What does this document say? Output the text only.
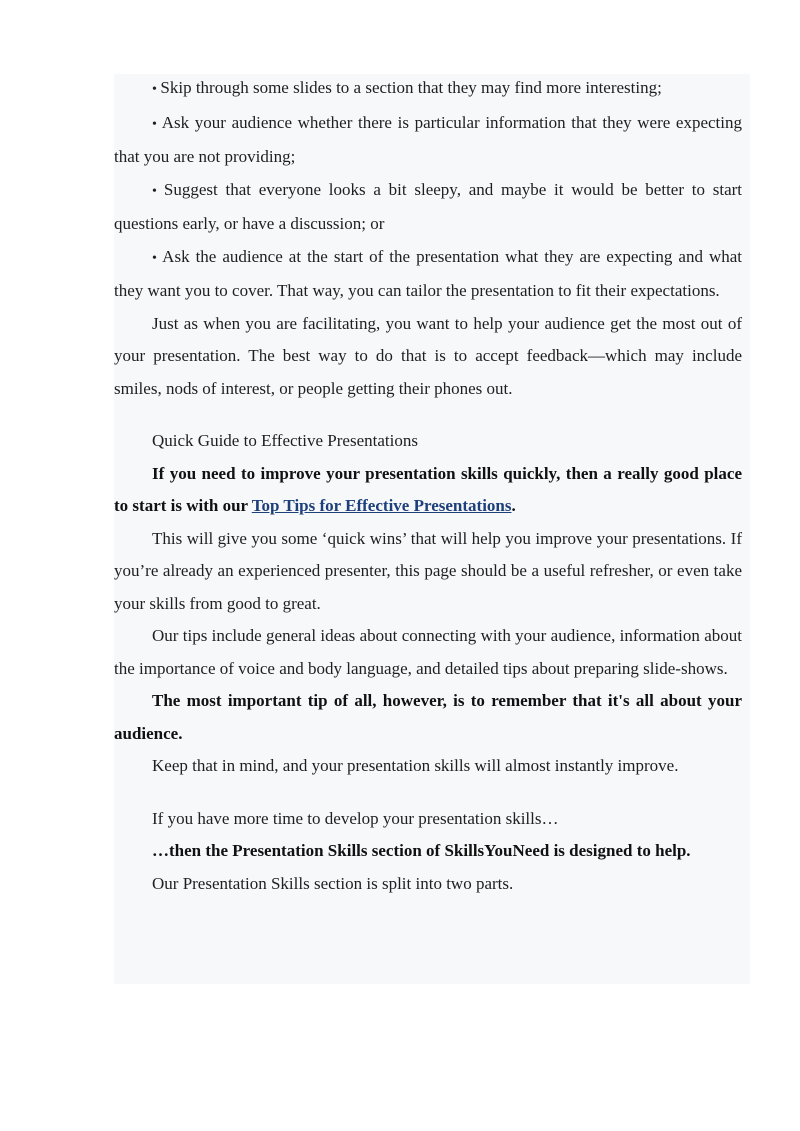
• Skip through some slides to a section that they may find more interesting;

• Ask your audience whether there is particular information that they were expecting that you are not providing;

• Suggest that everyone looks a bit sleepy, and maybe it would be better to start questions early, or have a discussion; or

• Ask the audience at the start of the presentation what they are expecting and what they want you to cover. That way, you can tailor the presentation to fit their expectations.

Just as when you are facilitating, you want to help your audience get the most out of your presentation. The best way to do that is to accept feedback—which may include smiles, nods of interest, or people getting their phones out.

Quick Guide to Effective Presentations

If you need to improve your presentation skills quickly, then a really good place to start is with our Top Tips for Effective Presentations.

This will give you some ‘quick wins’ that will help you improve your presentations. If you’re already an experienced presenter, this page should be a useful refresher, or even take your skills from good to great.

Our tips include general ideas about connecting with your audience, information about the importance of voice and body language, and detailed tips about preparing slide-shows.

The most important tip of all, however, is to remember that it's all about your audience.

Keep that in mind, and your presentation skills will almost instantly improve.

If you have more time to develop your presentation skills…

…then the Presentation Skills section of SkillsYouNeed is designed to help.

Our Presentation Skills section is split into two parts.
